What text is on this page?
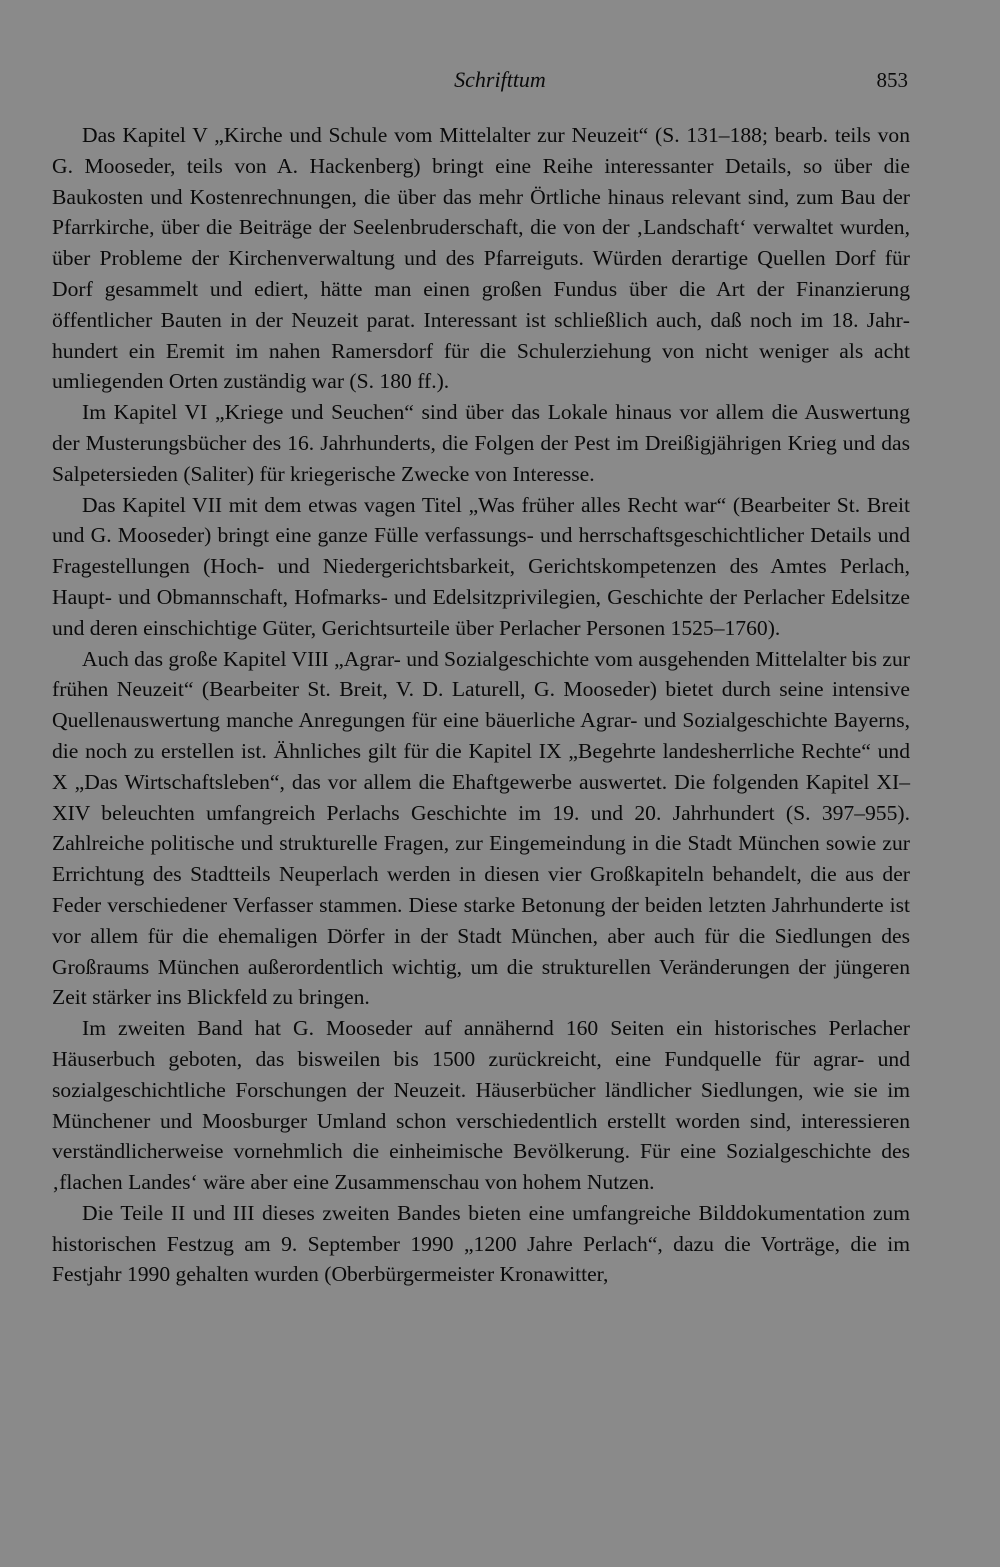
Schrifttum	853

Das Kapitel V „Kirche und Schule vom Mittelalter zur Neuzeit“ (S. 131–188; bearb. teils von G. Mooseder, teils von A. Hackenberg) bringt eine Reihe interessanter Details, so über die Baukosten und Kostenrechnungen, die über das mehr Örtliche hinaus relevant sind, zum Bau der Pfarrkirche, über die Beiträge der Seelenbruderschaft, die von der ‚Landschaft‘ verwaltet wurden, über Probleme der Kirchenverwaltung und des Pfarreiguts. Würden derartige Quellen Dorf für Dorf gesammelt und ediert, hätte man einen großen Fundus über die Art der Finanzierung öffentlicher Bauten in der Neuzeit parat. Interessant ist schließlich auch, daß noch im 18. Jahrhundert ein Eremit im nahen Ramersdorf für die Schulerziehung von nicht weniger als acht umliegenden Orten zuständig war (S. 180 ff.).

Im Kapitel VI „Kriege und Seuchen“ sind über das Lokale hinaus vor allem die Auswertung der Musterungsbücher des 16. Jahrhunderts, die Folgen der Pest im Dreißigjährigen Krieg und das Salpetersieden (Saliter) für kriegerische Zwecke von Interesse.

Das Kapitel VII mit dem etwas vagen Titel „Was früher alles Recht war“ (Bearbeiter St. Breit und G. Mooseder) bringt eine ganze Fülle verfassungs- und herrschaftsgeschichtlicher Details und Fragestellungen (Hoch- und Niedergerichtsbarkeit, Gerichtskompetenzen des Amtes Perlach, Haupt- und Obmannschaft, Hofmarks- und Edelsitzprivilegien, Geschichte der Perlacher Edelsitze und deren einschichtige Güter, Gerichtsurteile über Perlacher Personen 1525–1760).

Auch das große Kapitel VIII „Agrar- und Sozialgeschichte vom ausgehenden Mittelalter bis zur frühen Neuzeit“ (Bearbeiter St. Breit, V. D. Laturell, G. Mooseder) bietet durch seine intensive Quellenauswertung manche Anregungen für eine bäuerliche Agrar- und Sozialgeschichte Bayerns, die noch zu erstellen ist. Ähnliches gilt für die Kapitel IX „Begehrte landesherrliche Rechte“ und X „Das Wirtschaftsleben“, das vor allem die Ehaftgewerbe auswertet. Die folgenden Kapitel XI–XIV beleuchten umfangreich Perlachs Geschichte im 19. und 20. Jahrhundert (S. 397–955). Zahlreiche politische und strukturelle Fragen, zur Eingemeindung in die Stadt München sowie zur Errichtung des Stadtteils Neuperlach werden in diesen vier Großkapiteln behandelt, die aus der Feder verschiedener Verfasser stammen. Diese starke Betonung der beiden letzten Jahrhunderte ist vor allem für die ehemaligen Dörfer in der Stadt München, aber auch für die Siedlungen des Großraums München außerordentlich wichtig, um die strukturellen Veränderungen der jüngeren Zeit stärker ins Blickfeld zu bringen.

Im zweiten Band hat G. Mooseder auf annähernd 160 Seiten ein historisches Perlacher Häuserbuch geboten, das bisweilen bis 1500 zurückreicht, eine Fundquelle für agrar- und sozialgeschichtliche Forschungen der Neuzeit. Häuserbücher ländlicher Siedlungen, wie sie im Münchener und Moosburger Umland schon verschiedentlich erstellt worden sind, interessieren verständlicherweise vornehmlich die einheimische Bevölkerung. Für eine Sozialgeschichte des ‚flachen Landes‘ wäre aber eine Zusammenschau von hohem Nutzen.

Die Teile II und III dieses zweiten Bandes bieten eine umfangreiche Bilddokumentation zum historischen Festzug am 9. September 1990 „1200 Jahre Perlach“, dazu die Vorträge, die im Festjahr 1990 gehalten wurden (Oberbürgermeister Kronawitter,
